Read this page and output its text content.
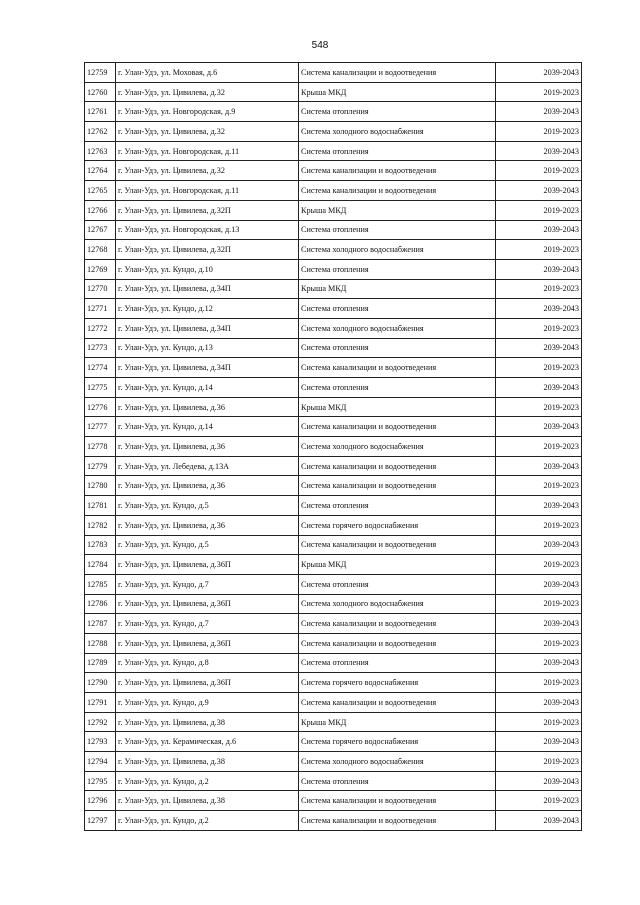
548
12759	г. Улан-Удэ, ул. Моховая, д.6	Система канализации и водоотведения	2039-2043
12760	г. Улан-Удэ, ул. Цивилева, д.32	Крыша МКД	2019-2023
12761	г. Улан-Удэ, ул. Новгородская, д.9	Система отопления	2039-2043
12762	г. Улан-Удэ, ул. Цивилева, д.32	Система холодного водоснабжения	2019-2023
12763	г. Улан-Удэ, ул. Новгородская, д.11	Система отопления	2039-2043
12764	г. Улан-Удэ, ул. Цивилева, д.32	Система канализации и водоотведения	2019-2023
12765	г. Улан-Удэ, ул. Новгородская, д.11	Система канализации и водоотведения	2039-2043
12766	г. Улан-Удэ, ул. Цивилева, д.32П	Крыша МКД	2019-2023
12767	г. Улан-Удэ, ул. Новгородская, д.13	Система отопления	2039-2043
12768	г. Улан-Удэ, ул. Цивилева, д.32П	Система холодного водоснабжения	2019-2023
12769	г. Улан-Удэ, ул. Кундо, д.10	Система отопления	2039-2043
12770	г. Улан-Удэ, ул. Цивилева, д.34П	Крыша МКД	2019-2023
12771	г. Улан-Удэ, ул. Кундо, д.12	Система отопления	2039-2043
12772	г. Улан-Удэ, ул. Цивилева, д.34П	Система холодного водоснабжения	2019-2023
12773	г. Улан-Удэ, ул. Кундо, д.13	Система отопления	2039-2043
12774	г. Улан-Удэ, ул. Цивилева, д.34П	Система канализации и водоотведения	2019-2023
12775	г. Улан-Удэ, ул. Кундо, д.14	Система отопления	2039-2043
12776	г. Улан-Удэ, ул. Цивилева, д.36	Крыша МКД	2019-2023
12777	г. Улан-Удэ, ул. Кундо, д.14	Система канализации и водоотведения	2039-2043
12778	г. Улан-Удэ, ул. Цивилева, д.36	Система холодного водоснабжения	2019-2023
12779	г. Улан-Удэ, ул. Лебедева, д.13А	Система канализации и водоотведения	2039-2043
12780	г. Улан-Удэ, ул. Цивилева, д.36	Система канализации и водоотведения	2019-2023
12781	г. Улан-Удэ, ул. Кундо, д.5	Система отопления	2039-2043
12782	г. Улан-Удэ, ул. Цивилева, д.36	Система горячего водоснабжения	2019-2023
12783	г. Улан-Удэ, ул. Кундо, д.5	Система канализации и водоотведения	2039-2043
12784	г. Улан-Удэ, ул. Цивилева, д.36П	Крыша МКД	2019-2023
12785	г. Улан-Удэ, ул. Кундо, д.7	Система отопления	2039-2043
12786	г. Улан-Удэ, ул. Цивилева, д.36П	Система холодного водоснабжения	2019-2023
12787	г. Улан-Удэ, ул. Кундо, д.7	Система канализации и водоотведения	2039-2043
12788	г. Улан-Удэ, ул. Цивилева, д.36П	Система канализации и водоотведения	2019-2023
12789	г. Улан-Удэ, ул. Кундо, д.8	Система отопления	2039-2043
12790	г. Улан-Удэ, ул. Цивилева, д.36П	Система горячего водоснабжения	2019-2023
12791	г. Улан-Удэ, ул. Кундо, д.9	Система канализации и водоотведения	2039-2043
12792	г. Улан-Удэ, ул. Цивилева, д.38	Крыша МКД	2019-2023
12793	г. Улан-Удэ, ул. Керамическая, д.6	Система горячего водоснабжения	2039-2043
12794	г. Улан-Удэ, ул. Цивилева, д.38	Система холодного водоснабжения	2019-2023
12795	г. Улан-Удэ, ул. Кундо, д.2	Система отопления	2039-2043
12796	г. Улан-Удэ, ул. Цивилева, д.38	Система канализации и водоотведения	2019-2023
12797	г. Улан-Удэ, ул. Кундо, д.2	Система канализации и водоотведения	2039-2043
